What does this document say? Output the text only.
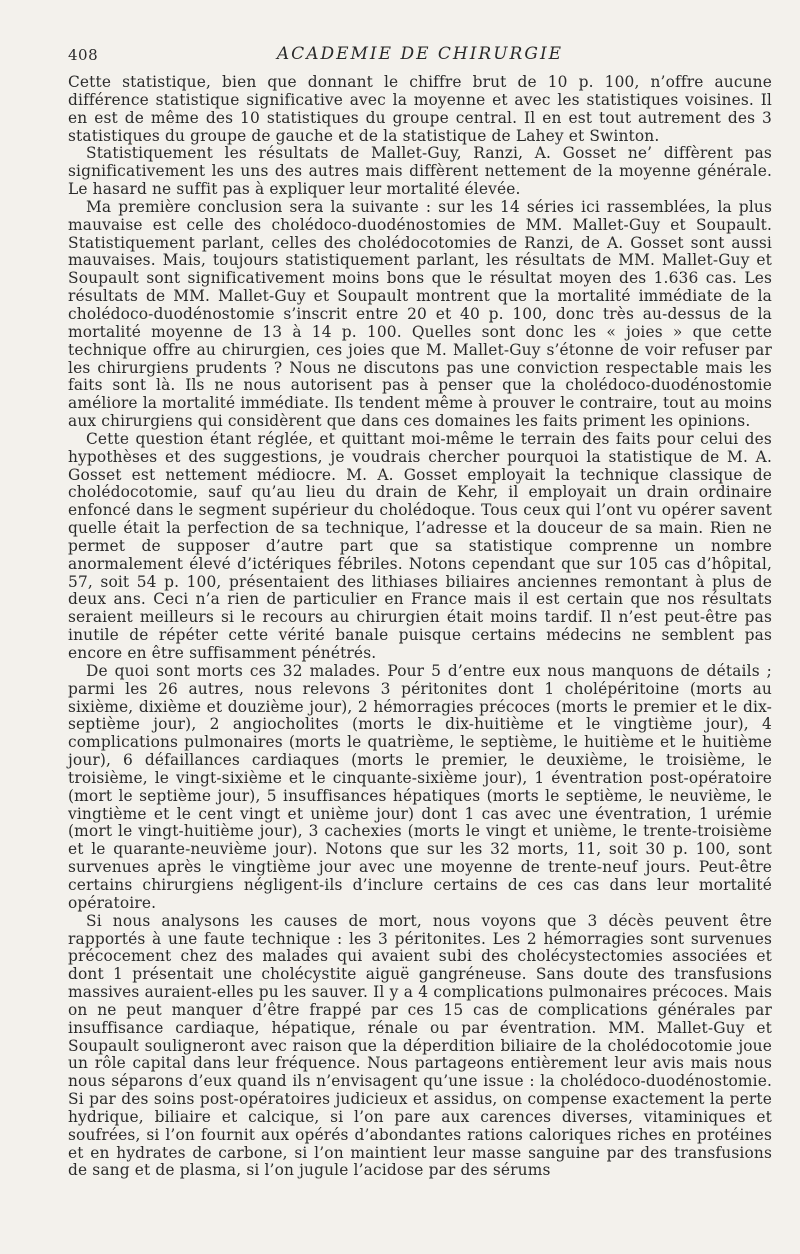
408	ACADEMIE DE CHIRURGIE

Cette statistique, bien que donnant le chiffre brut de 10 p. 100, n’offre aucune différence statistique significative avec la moyenne et avec les statistiques voisines. Il en est de même des 10 statistiques du groupe central. Il en est tout autrement des 3 statistiques du groupe de gauche et de la statistique de Lahey et Swinton.

Statistiquement les résultats de Mallet-Guy, Ranzi, A. Gosset ne’ diffèrent pas significativement les uns des autres mais diffèrent nettement de la moyenne générale. Le hasard ne suffit pas à expliquer leur mortalité élevée.

Ma première conclusion sera la suivante : sur les 14 séries ici rassemblées, la plus mauvaise est celle des cholédoco-duodénostomies de MM. Mallet-Guy et Soupault. Statistiquement parlant, celles des cholédocotomies de Ranzi, de A. Gosset sont aussi mauvaises. Mais, toujours statistiquement parlant, les résultats de MM. Mallet-Guy et Soupault sont significativement moins bons que le résultat moyen des 1.636 cas. Les résultats de MM. Mallet-Guy et Soupault montrent que la mortalité immédiate de la cholédoco-duodénostomie s’inscrit entre 20 et 40 p. 100, donc très au-dessus de la mortalité moyenne de 13 à 14 p. 100. Quelles sont donc les « joies » que cette technique offre au chirurgien, ces joies que M. Mallet-Guy s’étonne de voir refuser par les chirurgiens prudents ? Nous ne discutons pas une conviction respectable mais les faits sont là. Ils ne nous autorisent pas à penser que la cholédoco-duodénostomie améliore la mortalité immédiate. Ils tendent même à prouver le contraire, tout au moins aux chirurgiens qui considèrent que dans ces domaines les faits priment les opinions.

Cette question étant réglée, et quittant moi-même le terrain des faits pour celui des hypothèses et des suggestions, je voudrais chercher pourquoi la statistique de M. A. Gosset est nettement médiocre. M. A. Gosset employait la technique classique de cholédocotomie, sauf qu’au lieu du drain de Kehr, il employait un drain ordinaire enfoncé dans le segment supérieur du cholédoque. Tous ceux qui l’ont vu opérer savent quelle était la perfection de sa technique, l’adresse et la douceur de sa main. Rien ne permet de supposer d’autre part que sa statistique comprenne un nombre anormalement élevé d’ictériques fébriles. Notons cependant que sur 105 cas d’hôpital, 57, soit 54 p. 100, présentaient des lithiases biliaires anciennes remontant à plus de deux ans. Ceci n’a rien de particulier en France mais il est certain que nos résultats seraient meilleurs si le recours au chirurgien était moins tardif. Il n’est peut-être pas inutile de répéter cette vérité banale puisque certains médecins ne semblent pas encore en être suffisamment pénétrés.

De quoi sont morts ces 32 malades. Pour 5 d’entre eux nous manquons de détails ; parmi les 26 autres, nous relevons 3 péritonites dont 1 cholépéritoine (morts au sixième, dixième et douzième jour), 2 hémorragies précoces (morts le premier et le dix-septième jour), 2 angiocholites (morts le dix-huitième et le vingtième jour), 4 complications pulmonaires (morts le quatrième, le septième, le huitième et le huitième jour), 6 défaillances cardiaques (morts le premier, le deuxième, le troisième, le troisième, le vingt-sixième et le cinquante-sixième jour), 1 éventration post-opératoire (mort le septième jour), 5 insuffisances hépatiques (morts le septième, le neuvième, le vingtième et le cent vingt et unième jour) dont 1 cas avec une éventration, 1 urémie (mort le vingt-huitième jour), 3 cachexies (morts le vingt et unième, le trente-troisième et le quarante-neuvième jour). Notons que sur les 32 morts, 11, soit 30 p. 100, sont survenues après le vingtième jour avec une moyenne de trente-neuf jours. Peut-être certains chirurgiens négligent-ils d’inclure certains de ces cas dans leur mortalité opératoire.

Si nous analysons les causes de mort, nous voyons que 3 décès peuvent être rapportés à une faute technique : les 3 péritonites. Les 2 hémorragies sont survenues précocement chez des malades qui avaient subi des cholécystectomies associées et dont 1 présentait une cholécystite aiguë gangréneuse. Sans doute des transfusions massives auraient-elles pu les sauver. Il y a 4 complications pulmonaires précoces. Mais on ne peut manquer d’être frappé par ces 15 cas de complications générales par insuffisance cardiaque, hépatique, rénale ou par éventration. MM. Mallet-Guy et Soupault souligneront avec raison que la déperdition biliaire de la cholédocotomie joue un rôle capital dans leur fréquence. Nous partageons entièrement leur avis mais nous nous séparons d’eux quand ils n’envisagent qu’une issue : la cholédoco-duodénostomie. Si par des soins post-opératoires judicieux et assidus, on compense exactement la perte hydrique, biliaire et calcique, si l’on pare aux carences diverses, vitaminiques et soufrées, si l’on fournit aux opérés d’abondantes rations caloriques riches en protéines et en hydrates de carbone, si l’on maintient leur masse sanguine par des transfusions de sang et de plasma, si l’on jugule l’acidose par des sérums
